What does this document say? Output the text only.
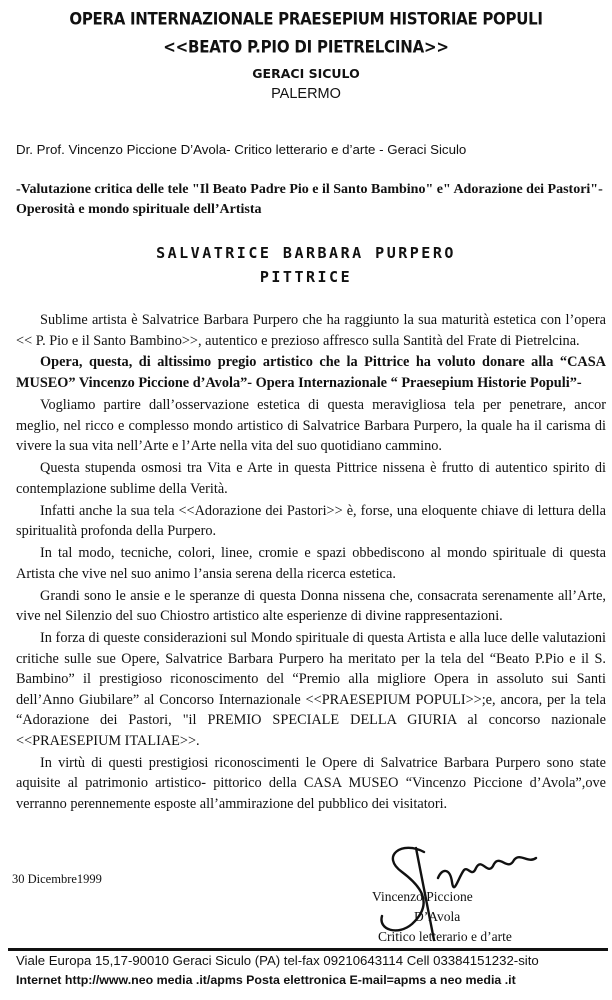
OPERA INTERNAZIONALE PRAESEPIUM HISTORIAE POPULI
<<BEATO P.PIO DI PIETRELCINA>>
GERACI SICULO
PALERMO
Dr. Prof. Vincenzo Piccione D’Avola- Critico letterario e d’arte - Geraci Siculo
-Valutazione critica delle tele "Il Beato Padre Pio e il Santo Bambino" e" Adorazione dei Pastori"- Operosità e mondo spirituale dell’Artista
SALVATRICE BARBARA PURPERO
PITTRICE

Sublime artista è Salvatrice Barbara Purpero che ha raggiunto la sua maturità estetica con l’opera << P. Pio e il Santo Bambino>>, autentico e prezioso affresco sulla Santità del Frate di Pietrelcina.

Opera, questa, di altissimo pregio artistico che la Pittrice ha voluto donare alla “CASA MUSEO” Vincenzo Piccione d’Avola”- Opera Internazionale “ Praesepium Historie Populi”-

Vogliamo partire dall’osservazione estetica di questa meravigliosa tela per penetrare, ancor meglio, nel ricco e complesso mondo artistico di Salvatrice Barbara Purpero, la quale ha il carisma di vivere la sua vita nell’Arte e l’Arte nella vita del suo quotidiano cammino.

Questa stupenda osmosi tra Vita e Arte in questa Pittrice nissena è frutto di autentico spirito di contemplazione sublime della Verità.

Infatti anche la sua tela <<Adorazione dei Pastori>> è, forse, una eloquente chiave di lettura della spiritualità profonda della Purpero.

In tal modo, tecniche, colori, linee, cromie e spazi obbediscono al mondo spirituale di questa Artista che vive nel suo animo l’ansia serena della ricerca estetica.

Grandi sono le ansie e le speranze di questa Donna nissena che, consacrata serenamente all’Arte, vive nel Silenzio del suo Chiostro artistico alte esperienze di divine rappresentazioni.

In forza di queste considerazioni sul Mondo spirituale di questa Artista e alla luce delle valutazioni critiche sulle sue Opere, Salvatrice Barbara Purpero ha meritato per la tela del “Beato P.Pio e il S. Bambino” il prestigioso riconoscimento del “Premio alla migliore Opera in assoluto sui Santi dell’Anno Giubilare” al Concorso Internazionale <<PRAESEPIUM POPULI>>;e, ancora, per la tela “Adorazione dei Pastori, "il PREMIO SPECIALE DELLA GIURIA al concorso nazionale <<PRAESEPIUM ITALIAE>>.

In virtù di questi prestigiosi riconoscimenti le Opere di Salvatrice Barbara Purpero sono state aquisite al patrimonio artistico- pittorico della CASA MUSEO “Vincenzo Piccione d’Avola”,ove verranno perennemente esposte all’ammirazione del pubblico dei visitatori.

30 Dicembre1999
Vincenzo Piccione
D’Avola
Critico letterario e d’arte
Viale Europa 15,17-90010 Geraci Siculo (PA) tel-fax 09210643114 Cell 03384151232-sito
Internet http://www.neo media .it/apms Posta elettronica E-mail=apms a neo media .it
